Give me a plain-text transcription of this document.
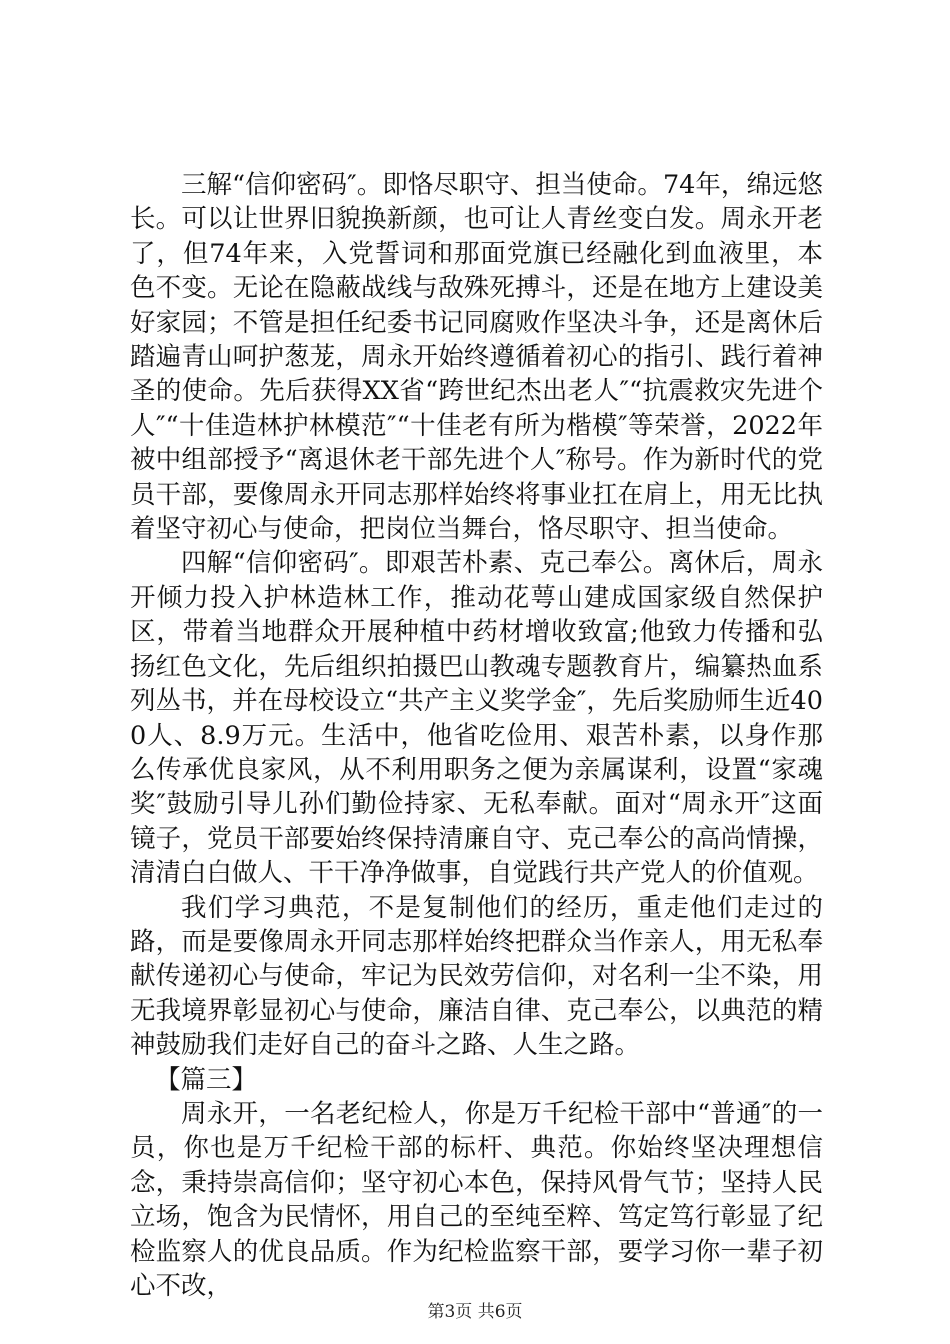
三解“信仰密码″。即恪尽职守、担当使命。74年，绵远悠长。可以让世界旧貌换新颜，也可让人青丝变白发。周永开老了，但74年来，入党誓词和那面党旗已经融化到血液里，本色不变。无论在隐蔽战线与敌殊死搏斗，还是在地方上建设美好家园；不管是担任纪委书记同腐败作坚决斗争，还是离休后踏遍青山呵护葱茏，周永开始终遵循着初心的指引、践行着神圣的使命。先后获得XX省“跨世纪杰出老人″“抗震救灾先进个人″“十佳造林护林模范″“十佳老有所为楷模″等荣誉，2022年被中组部授予“离退休老干部先进个人″称号。作为新时代的党员干部，要像周永开同志那样始终将事业扛在肩上，用无比执着坚守初心与使命，把岗位当舞台，恪尽职守、担当使命。

四解“信仰密码″。即艰苦朴素、克己奉公。离休后，周永开倾力投入护林造林工作，推动花萼山建成国家级自然保护区，带着当地群众开展种植中药材增收致富;他致力传播和弘扬红色文化，先后组织拍摄巴山教魂专题教育片，编纂热血系列丛书，并在母校设立“共产主义奖学金″，先后奖励师生近400人、8.9万元。生活中，他省吃俭用、艰苦朴素，以身作那么传承优良家风，从不利用职务之便为亲属谋利，设置“家魂奖″鼓励引导儿孙们勤俭持家、无私奉献。面对“周永开″这面镜子，党员干部要始终保持清廉自守、克己奉公的高尚情操，清清白白做人、干干净净做事，自觉践行共产党人的价值观。

我们学习典范，不是复制他们的经历，重走他们走过的路，而是要像周永开同志那样始终把群众当作亲人，用无私奉献传递初心与使命，牢记为民效劳信仰，对名利一尘不染，用无我境界彰显初心与使命，廉洁自律、克己奉公，以典范的精神鼓励我们走好自己的奋斗之路、人生之路。

【篇三】

周永开，一名老纪检人，你是万千纪检干部中“普通″的一员，你也是万千纪检干部的标杆、典范。你始终坚决理想信念，秉持崇高信仰；坚守初心本色，保持风骨气节；坚持人民立场，饱含为民情怀，用自己的至纯至粹、笃定笃行彰显了纪检监察人的优良品质。作为纪检监察干部，要学习你一辈子初心不改，

第3页 共6页
